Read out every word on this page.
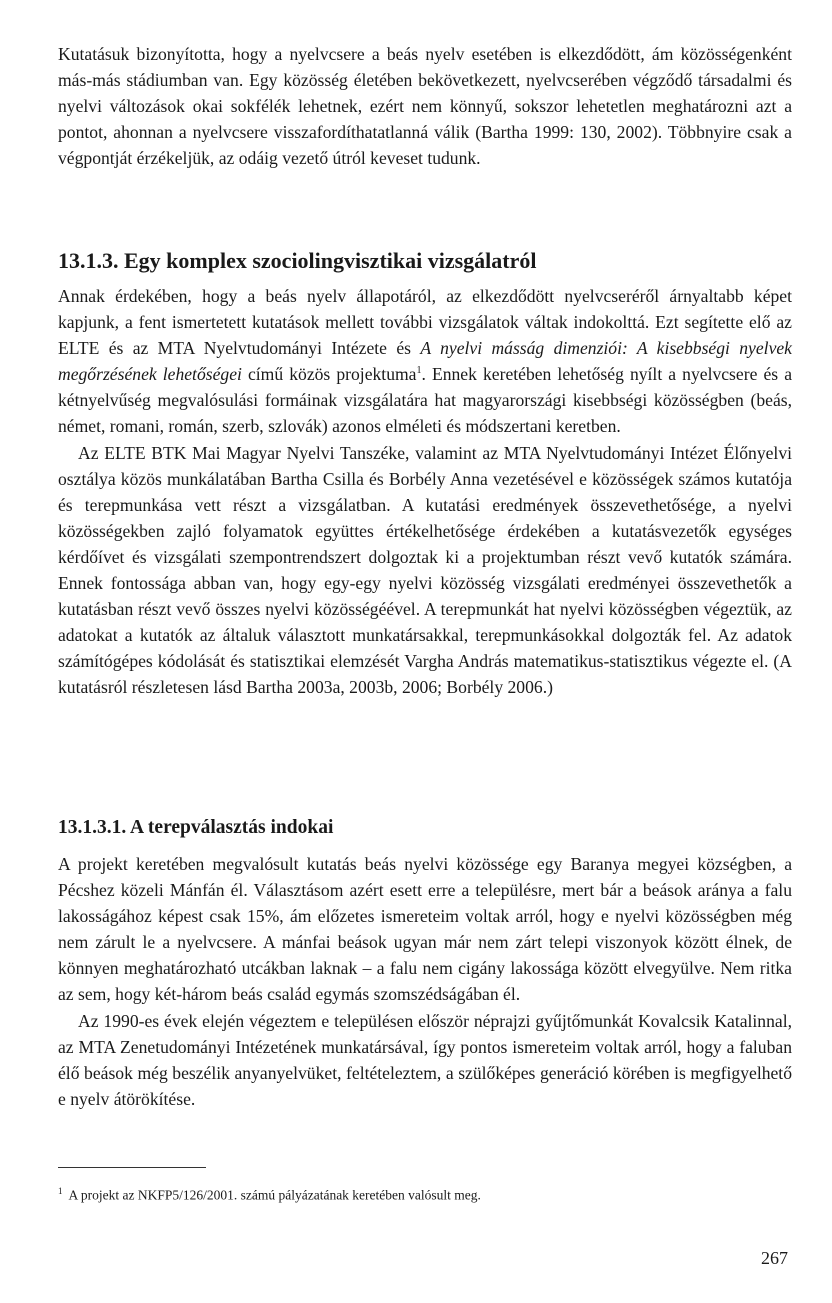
Kutatásuk bizonyította, hogy a nyelvcsere a beás nyelv esetében is elkezdődött, ám közösségenként más-más stádiumban van. Egy közösség életében bekövetkezett, nyelvcserében végződő társadalmi és nyelvi változások okai sokfélék lehetnek, ezért nem könnyű, sokszor lehetetlen meghatározni azt a pontot, ahonnan a nyelvcsere visszafordíthatatlanná válik (Bartha 1999: 130, 2002). Többnyire csak a végpontját érzékeljük, az odáig vezető útról keveset tudunk.

13.1.3. Egy komplex szociolingvisztikai vizsgálatról

Annak érdekében, hogy a beás nyelv állapotáról, az elkezdődött nyelvcseréről árnyaltabb képet kapjunk, a fent ismertetett kutatások mellett további vizsgálatok váltak indokolttá. Ezt segítette elő az ELTE és az MTA Nyelvtudományi Intézete és A nyelvi másság dimenziói: A kisebbségi nyelvek megőrzésének lehetőségei című közös projektuma$^1$. Ennek keretében lehetőség nyílt a nyelvcsere és a kétnyelvűség megvalósulási formáinak vizsgálatára hat magyarországi kisebbségi közösségben (beás, német, romani, román, szerb, szlovák) azonos elméleti és módszertani keretben.

Az ELTE BTK Mai Magyar Nyelvi Tanszéke, valamint az MTA Nyelvtudományi Intézet Élőnyelvi osztálya közös munkálatában Bartha Csilla és Borbély Anna vezetésével e közösségek számos kutatója és terepmunkása vett részt a vizsgálatban. A kutatási eredmények összevethetősége, a nyelvi közösségekben zajló folyamatok együttes értékelhetősége érdekében a kutatásvezetők egységes kérdőívet és vizsgálati szempontrendszert dolgoztak ki a projektumban részt vevő kutatók számára. Ennek fontossága abban van, hogy egy-egy nyelvi közösség vizsgálati eredményei összevethetők a kutatásban részt vevő összes nyelvi közösségéével. A terepmunkát hat nyelvi közösségben végeztük, az adatokat a kutatók az általuk választott munkatársakkal, terepmunkásokkal dolgozták fel. Az adatok számítógépes kódolását és statisztikai elemzését Vargha András matematikus-statisztikus végezte el. (A kutatásról részletesen lásd Bartha 2003a, 2003b, 2006; Borbély 2006.)

13.1.3.1. A terepválasztás indokai

A projekt keretében megvalósult kutatás beás nyelvi közössége egy Baranya megyei községben, a Pécshez közeli Mánfán él. Választásom azért esett erre a településre, mert bár a beások aránya a falu lakosságához képest csak 15%, ám előzetes ismereteim voltak arról, hogy e nyelvi közösségben még nem zárult le a nyelvcsere. A mánfai beások ugyan már nem zárt telepi viszonyok között élnek, de könnyen meghatározható utcákban laknak – a falu nem cigány lakossága között elvegyülve. Nem ritka az sem, hogy két-három beás család egymás szomszédságában él.

Az 1990-es évek elején végeztem e településen először néprajzi gyűjtőmunkát Kovalcsik Katalinnal, az MTA Zenetudományi Intézetének munkatársával, így pontos ismereteim voltak arról, hogy a faluban élő beások még beszélik anyanyelvüket, feltételeztem, a szülőképes generáció körében is megfigyelhető e nyelv átörökítése.

$^1$ A projekt az NKFP5/126/2001. számú pályázatának keretében valósult meg.

267
